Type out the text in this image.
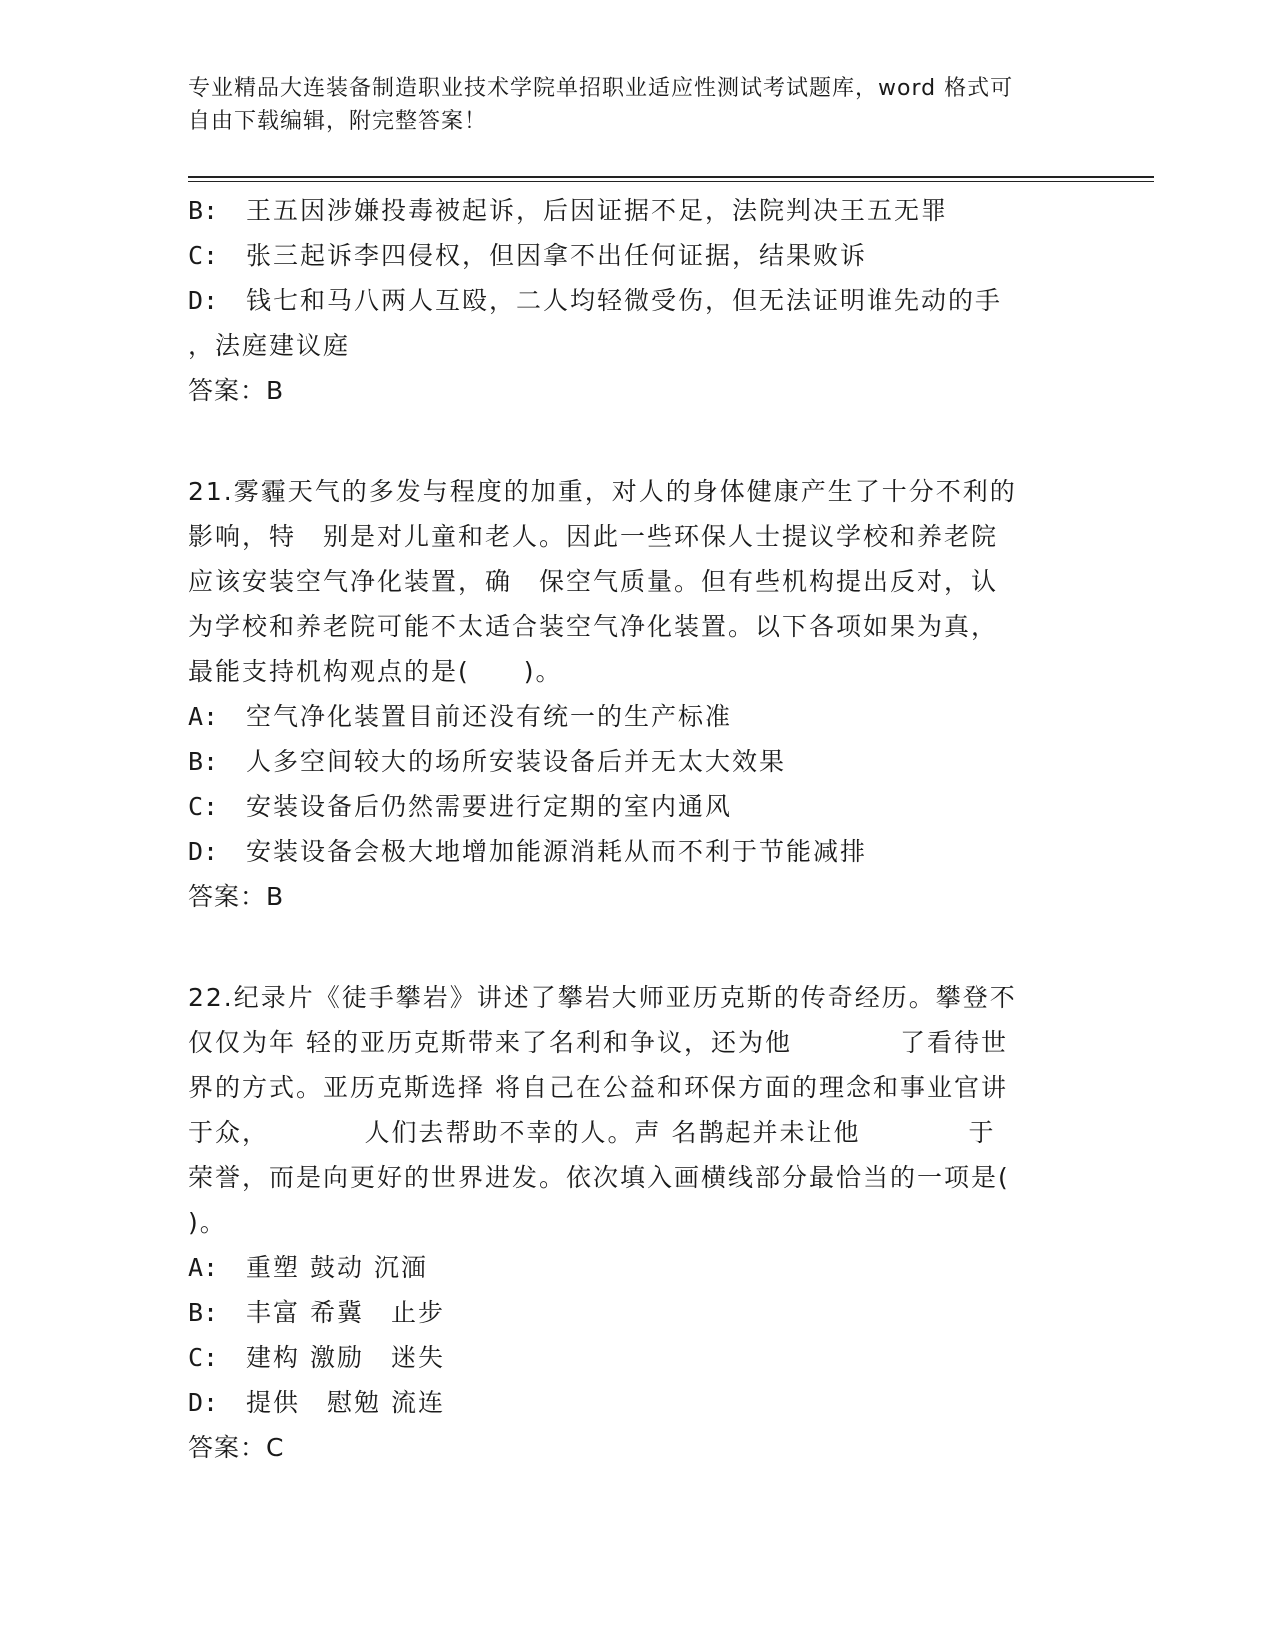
专业精品大连装备制造职业技术学院单招职业适应性测试考试题库，word 格式可
自由下载编辑，附完整答案！
B:	王五因涉嫌投毒被起诉，后因证据不足，法院判决王五无罪
C:	张三起诉李四侵权，但因拿不出任何证据，结果败诉
D:	钱七和马八两人互殴，二人均轻微受伤，但无法证明谁先动的手
，法庭建议庭
答案：B
21.雾霾天气的多发与程度的加重，对人的身体健康产生了十分不利的
影响，特　别是对儿童和老人。因此一些环保人士提议学校和养老院
应该安装空气净化装置，确　保空气质量。但有些机构提出反对，认
为学校和养老院可能不太适合装空气净化装置。以下各项如果为真，
最能支持机构观点的是(　　)。
A:	空气净化装置目前还没有统一的生产标准
B:	人多空间较大的场所安装设备后并无太大效果
C:	安装设备后仍然需要进行定期的室内通风
D:	安装设备会极大地增加能源消耗从而不利于节能减排
答案：B
22.纪录片《徒手攀岩》讲述了攀岩大师亚历克斯的传奇经历。攀登不
仅仅为年 轻的亚历克斯带来了名利和争议，还为他　　　　了看待世
界的方式。亚历克斯选择 将自己在公益和环保方面的理念和事业官讲
于众，　　　　人们去帮助不幸的人。声 名鹊起并未让他　　　　于
荣誉，而是向更好的世界进发。依次填入画横线部分最恰当的一项是(
)。
A:	重塑 鼓动 沉湎
B:	丰富 希冀　止步
C:	建构 激励　迷失
D:	提供　慰勉 流连
答案：C
